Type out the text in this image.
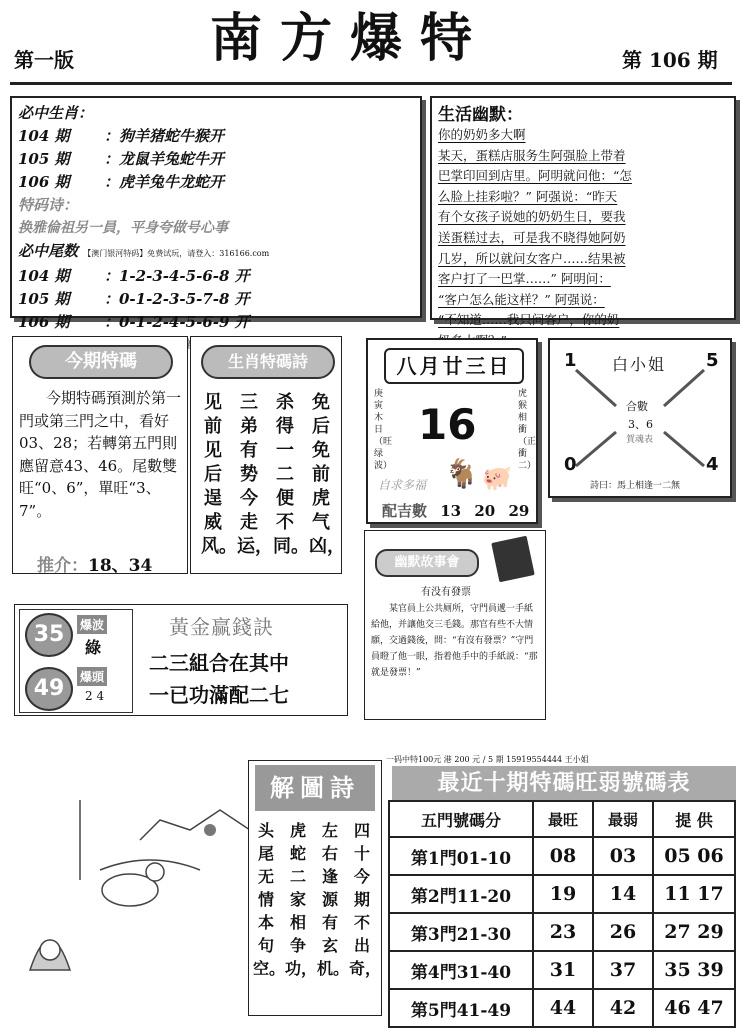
第一版	南方爆特	第 106 期
必中生肖：
104 期 ：狗羊猪蛇牛猴开
105 期 ：龙鼠羊兔蛇牛开
106 期 ：虎羊兔牛龙蛇开
特码诗：
换雅倫祖另一員，平身夸做号心事
必中尾数 【澳门银河特码】免费试玩，请登入：316166.com
104 期 ：1-2-3-4-5-6-8 开
105 期 ：0-1-2-3-5-7-8 开
106 期 ：0-1-2-4-5-6-9 开
生活幽默：
你的奶奶多大啊
某天，蛋糕店服务生阿强脸上带着
巴掌印回到店里。阿明就问他：“怎
么脸上挂彩啦？” 阿强说：“昨天
有个女孩子说她的奶奶生日，要我
送蛋糕过去，可是我不晓得她阿奶
几岁，所以就问女客户……结果被
客户打了一巴掌……” 阿明问：
“客户怎么能这样？” 阿强说：
“不知道……我只问客户，你的奶
今期特碼
今期特碼預測於第一門或第三門之中，看好03、28；若轉第五門則應留意43、46。尾數雙旺“0、6”，單旺“3、7”。
推介：18、34
生肖特碼詩
免后免前虎气凶，
杀得一二便不同。
三弟有势今走运，
见前见后逞威风。
八月廿三日
庚寅木日（旺绿波）
虎猴相衝（正衝二）
16
自求多福 🐐 🐖
配吉數 13 20 29
白小姐
1	5
0	4
合數
3、6
賀魂表
詩曰：馬上相逢一二無
幽默故事會
有没有發票
某官員上公共厕所，守門員遞一手紙給他，并讓他交三毛錢。那官有些不大情願，交過錢後，問：“有沒有發票？”守門員瞪了他一眼，指着他手中的手紙説：“那就是發票！”
35	爆波
綠
49	爆頭
2 4
黃金赢錢訣
二三組合在其中
一已功滿配二七
解圖詩
四十今期不出奇，
左右逢源有玄机。
虎蛇二家相争功，
头尾无情本句空。
一码中特100元 港 200 元 / 5 期 15919554444 王小姐
最近十期特碼旺弱號碼表
五門號碼分	最旺	最弱	提 供
第1門01-10	08	03	05 06
第2門11-20	19	14	11 17
第3門21-30	23	26	27 29
第4門31-40	31	37	35 39
第5門41-49	44	42	46 47
